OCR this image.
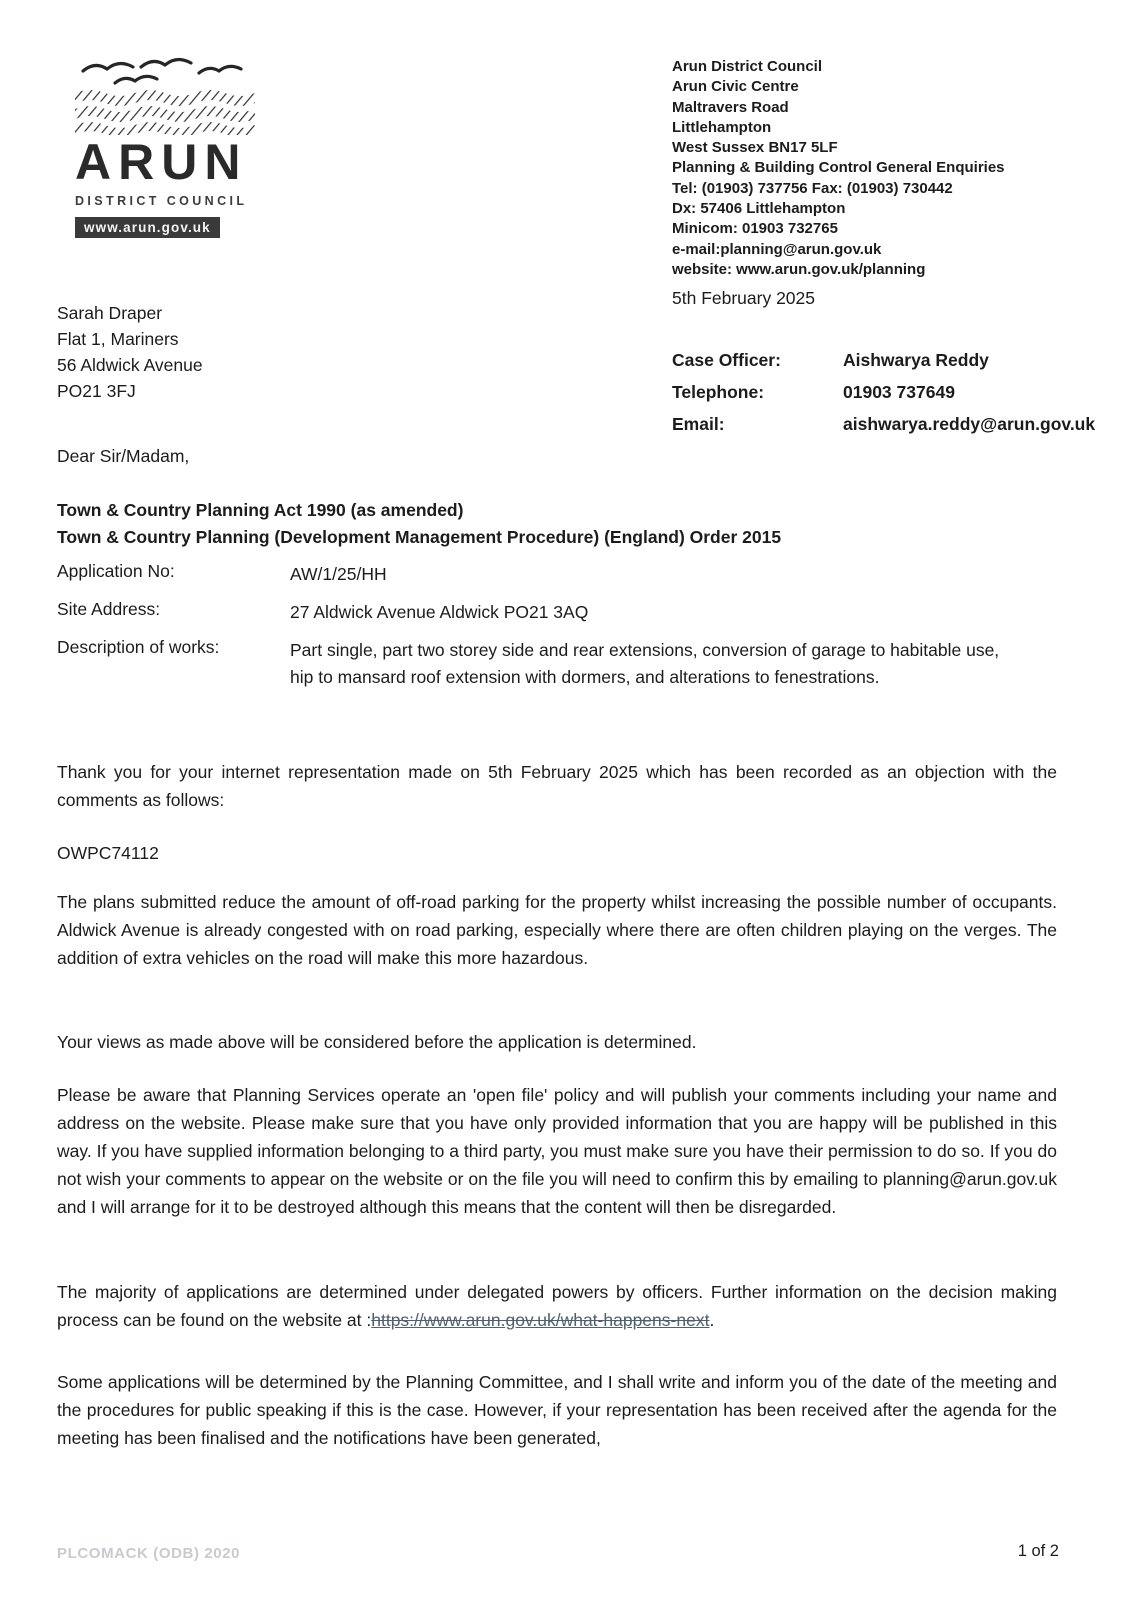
ARUN
DISTRICT COUNCIL
www.arun.gov.uk
Arun District Council
Arun Civic Centre
Maltravers Road
Littlehampton
West Sussex BN17 5LF
Planning & Building Control General Enquiries
Tel: (01903) 737756 Fax: (01903) 730442
Dx: 57406 Littlehampton
Minicom: 01903 732765
e-mail:planning@arun.gov.uk
website: www.arun.gov.uk/planning
5th February 2025
Sarah Draper
Flat 1, Mariners
56 Aldwick Avenue
PO21 3FJ
Case Officer:	Aishwarya Reddy
Telephone:	01903 737649
Email:	aishwarya.reddy@arun.gov.uk
Dear Sir/Madam,
Town & Country Planning Act 1990 (as amended)
Town & Country Planning (Development Management Procedure) (England) Order 2015
Application No:	AW/1/25/HH
Site Address:	27 Aldwick Avenue Aldwick PO21 3AQ
Description of works:	Part single, part two storey side and rear extensions, conversion of garage to habitable use, hip to mansard roof extension with dormers, and alterations to fenestrations.
Thank you for your internet representation made on 5th February 2025 which has been recorded as an objection with the comments as follows:
OWPC74112
The plans submitted reduce the amount of off-road parking for the property whilst increasing the possible number of occupants. Aldwick Avenue is already congested with on road parking, especially where there are often children playing on the verges. The addition of extra vehicles on the road will make this more hazardous.
Your views as made above will be considered before the application is determined.
Please be aware that Planning Services operate an 'open file' policy and will publish your comments including your name and address on the website. Please make sure that you have only provided information that you are happy will be published in this way. If you have supplied information belonging to a third party, you must make sure you have their permission to do so. If you do not wish your comments to appear on the website or on the file you will need to confirm this by emailing to planning@arun.gov.uk and I will arrange for it to be destroyed although this means that the content will then be disregarded.
The majority of applications are determined under delegated powers by officers. Further information on the decision making process can be found on the website at :https://www.arun.gov.uk/what-happens-next.
Some applications will be determined by the Planning Committee, and I shall write and inform you of the date of the meeting and the procedures for public speaking if this is the case. However, if your representation has been received after the agenda for the meeting has been finalised and the notifications have been generated,
PLCOMACK (ODB) 2020	1 of 2
